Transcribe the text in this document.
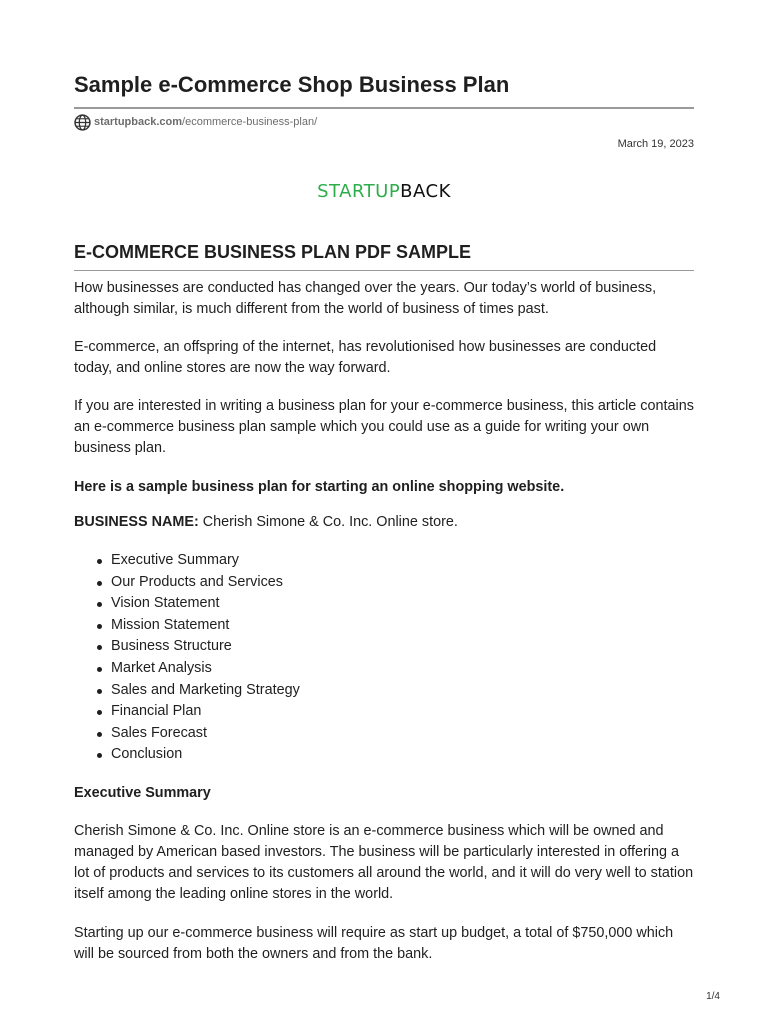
Sample e-Commerce Shop Business Plan
startupback.com /ecommerce-business-plan/
March 19, 2023
STARTUPBACK
E-COMMERCE BUSINESS PLAN PDF SAMPLE

How businesses are conducted has changed over the years. Our today’s world of business, although similar, is much different from the world of business of times past.

E-commerce, an offspring of the internet, has revolutionised how businesses are conducted today, and online stores are now the way forward.

If you are interested in writing a business plan for your e-commerce business, this article contains an e-commerce business plan sample which you could use as a guide for writing your own business plan.

Here is a sample business plan for starting an online shopping website.

BUSINESS NAME: Cherish Simone & Co. Inc. Online store.

Executive Summary
Our Products and Services
Vision Statement
Mission Statement
Business Structure
Market Analysis
Sales and Marketing Strategy
Financial Plan
Sales Forecast
Conclusion

Executive Summary

Cherish Simone & Co. Inc. Online store is an e-commerce business which will be owned and managed by American based investors. The business will be particularly interested in offering a lot of products and services to its customers all around the world, and it will do very well to station itself among the leading online stores in the world.

Starting up our e-commerce business will require as start up budget, a total of $750,000 which will be sourced from both the owners and from the bank.

1/4
